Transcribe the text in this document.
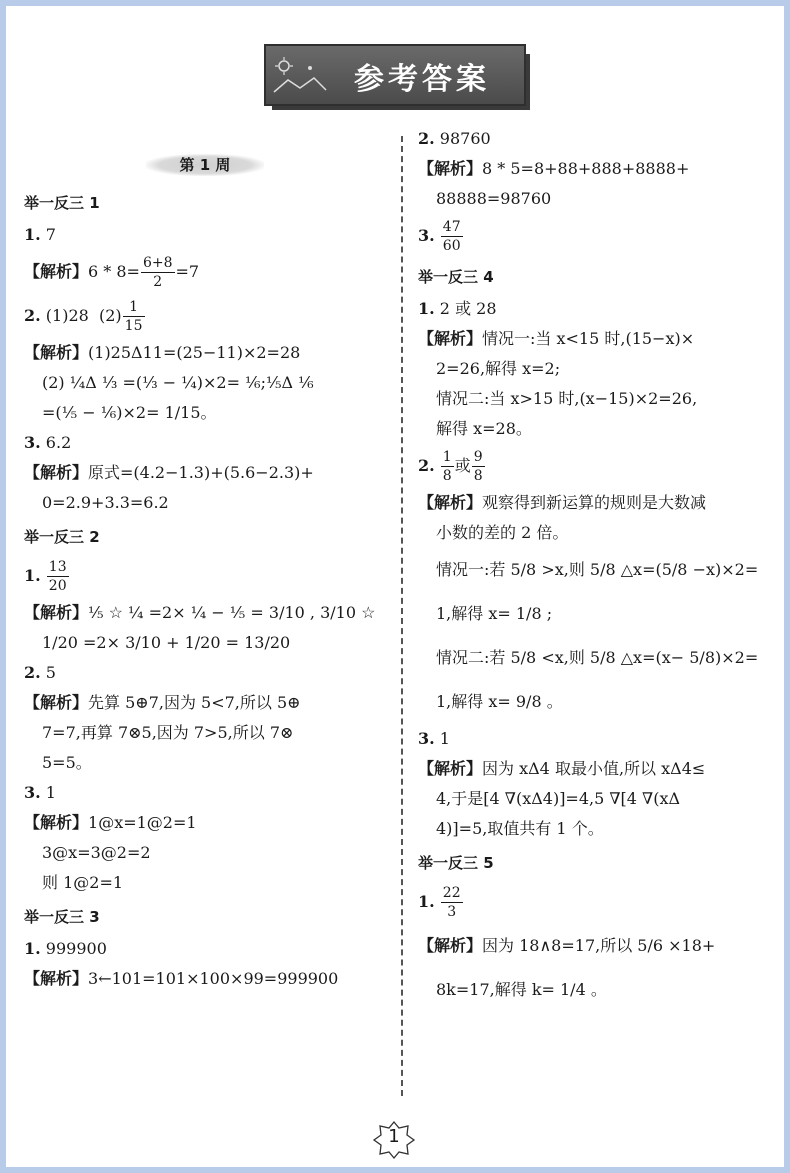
参考答案
第 1 周
举一反三 1
1. 7
【解析】$6 * 8= \frac{6+8}{2} =7$
2. (1)28 $(2) \frac{1}{15}$
【解析】(1)25Δ11=(25−11)×2=28
(2) ¼Δ ⅓ =(⅓ − ¼)×2= ⅙;⅕Δ ⅙
=(⅕ − ⅙)×2= 1/15。
3. 6.2
【解析】原式=(4.2−1.3)+(5.6−2.3)+
0=2.9+3.3=6.2
举一反三 2
1. $\frac{13}{20}$
【解析】⅕ ☆ ¼ =2× ¼ − ⅕ = 3/10 , 3/10 ☆
1/20 =2× 3/10 + 1/20 = 13/20
2. 5
【解析】先算 5⊕7,因为 5<7,所以 5⊕
7=7,再算 7⊗5,因为 7>5,所以 7⊗
5=5。
3. 1
【解析】1@x=1@2=1
3@x=3@2=2
则 1@2=1
举一反三 3
1. 999900
【解析】3←101=101×100×99=999900
2. 98760
【解析】8 * 5=8+88+888+8888+
88888=98760
3. $\frac{47}{60}$
举一反三 4
1. 2 或 28
【解析】情况一:当 x<15 时,(15−x)×
2=26,解得 x=2;
情况二:当 x>15 时,(x−15)×2=26,
解得 x=28。
2. $\frac{1}{8}$ 或 $\frac{9}{8}$
【解析】观察得到新运算的规则是大数减
小数的差的 2 倍。
情况一:若 5/8 >x,则 5/8 △x=(5/8 −x)×2=
1,解得 x= 1/8 ;
情况二:若 5/8 <x,则 5/8 △x=(x− 5/8)×2=
1,解得 x= 9/8 。
3. 1
【解析】因为 xΔ4 取最小值,所以 xΔ4≤
4,于是[4 ∇(xΔ4)]=4,5 ∇[4 ∇(xΔ
4)]=5,取值共有 1 个。
举一反三 5
1. $\frac{22}{3}$
【解析】因为 18∧8=17,所以 5/6 ×18+
8k=17,解得 k= 1/4 。
1
